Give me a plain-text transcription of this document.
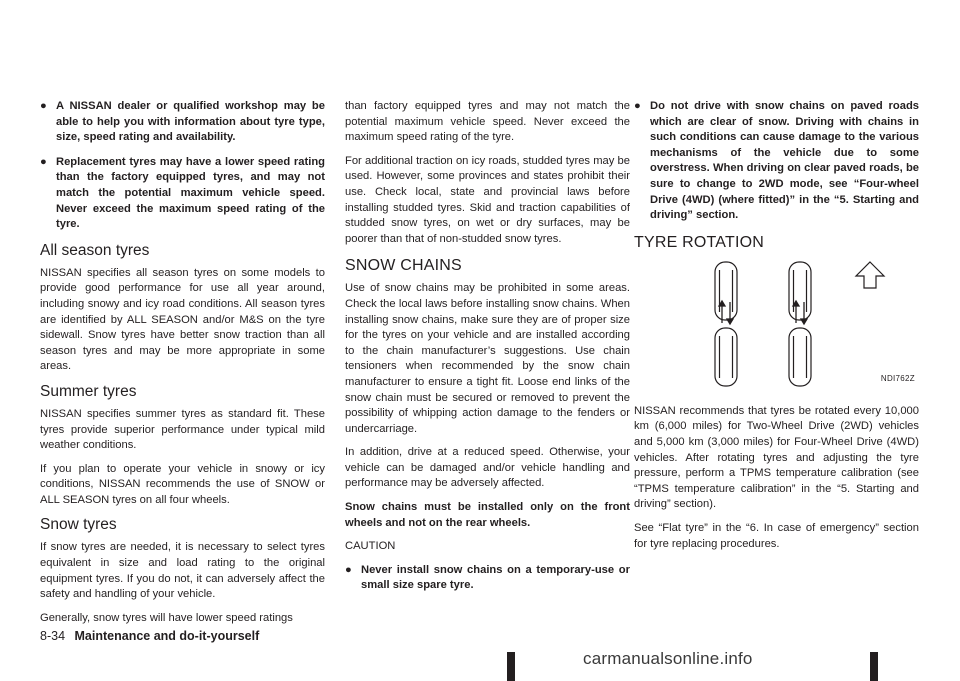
● A NISSAN dealer or qualified workshop may be able to help you with information about tyre type, size, speed rating and availability.
● Replacement tyres may have a lower speed rating than the factory equipped tyres, and may not match the potential maximum vehicle speed. Never exceed the maximum speed rating of the tyre.
All season tyres

NISSAN specifies all season tyres on some models to provide good performance for use all year around, including snowy and icy road conditions. All season tyres are identified by ALL SEASON and/or M&S on the tyre sidewall. Snow tyres have better snow traction than all season tyres and may be more appropriate in some areas.

Summer tyres

NISSAN specifies summer tyres as standard fit. These tyres provide superior performance under typical mild weather conditions.

If you plan to operate your vehicle in snowy or icy conditions, NISSAN recommends the use of SNOW or ALL SEASON tyres on all four wheels.

Snow tyres

If snow tyres are needed, it is necessary to select tyres equivalent in size and load rating to the original equipment tyres. If you do not, it can adversely affect the safety and handling of your vehicle.

Generally, snow tyres will have lower speed ratings

than factory equipped tyres and may not match the potential maximum vehicle speed. Never exceed the maximum speed rating of the tyre.

For additional traction on icy roads, studded tyres may be used. However, some provinces and states prohibit their use. Check local, state and provincial laws before installing studded tyres. Skid and traction capabilities of studded snow tyres, on wet or dry surfaces, may be poorer than that of non-studded snow tyres.

SNOW CHAINS

Use of snow chains may be prohibited in some areas. Check the local laws before installing snow chains. When installing snow chains, make sure they are of proper size for the tyres on your vehicle and are installed according to the chain manufacturer’s suggestions. Use chain tensioners when recommended by the snow chain manufacturer to ensure a tight fit. Loose end links of the snow chain must be secured or removed to prevent the possibility of whipping action damage to the fenders or undercarriage.

In addition, drive at a reduced speed. Otherwise, your vehicle can be damaged and/or vehicle handling and performance may be adversely affected.

Snow chains must be installed only on the front wheels and not on the rear wheels.

CAUTION

● Never install snow chains on a temporary-use or small size spare tyre.
● Do not drive with snow chains on paved roads which are clear of snow. Driving with chains in such conditions can cause damage to the various mechanisms of the vehicle due to some overstress. When driving on clear paved roads, be sure to change to 2WD mode, see “Four-wheel Drive (4WD) (where fitted)” in the “5. Starting and driving” section.
TYRE ROTATION
NDI762Z

NISSAN recommends that tyres be rotated every 10,000 km (6,000 miles) for Two-Wheel Drive (2WD) vehicles and 5,000 km (3,000 miles) for Four-Wheel Drive (4WD) vehicles. After rotating tyres and adjusting the tyre pressure, perform a TPMS temperature calibration (see “TPMS temperature calibration” in the “5. Starting and driving” section).

See “Flat tyre” in the “6. In case of emergency” section for tyre replacing procedures.

8-34 Maintenance and do-it-yourself
carmanualsonline.info
